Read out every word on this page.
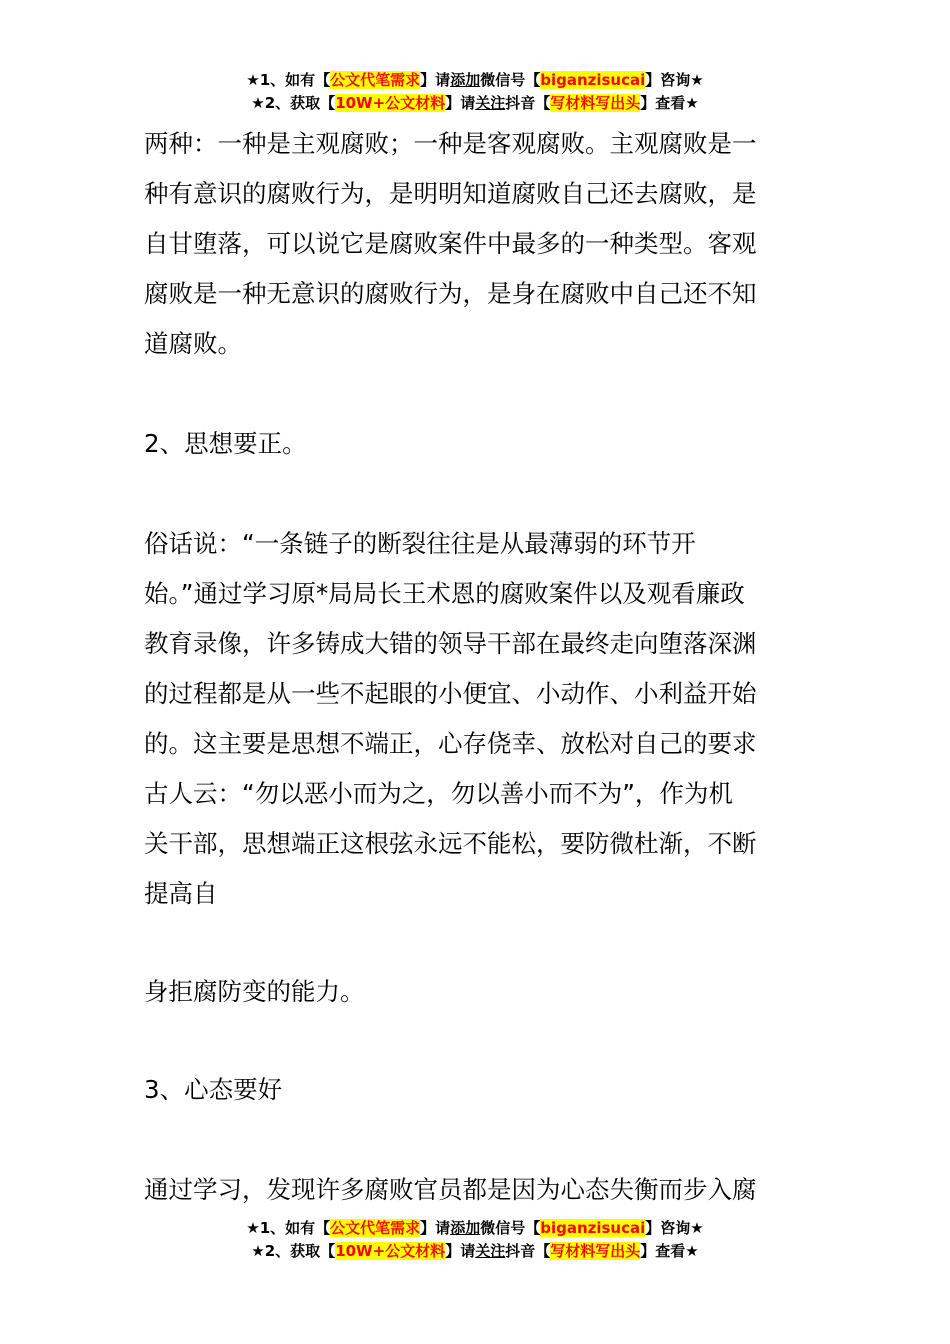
★1、如有【公文代笔需求】请添加微信号【biganzisucai】咨询★
★2、获取【10W+公文材料】请关注抖音【写材料写出头】查看★
两种：一种是主观腐败；一种是客观腐败。主观腐败是一
种有意识的腐败行为，是明明知道腐败自己还去腐败，是
自甘堕落，可以说它是腐败案件中最多的一种类型。客观
腐败是一种无意识的腐败行为，是身在腐败中自己还不知
道腐败。
2、思想要正。
俗话说：“一条链子的断裂往往是从最薄弱的环节开
始。”通过学习原*局局长王术恩的腐败案件以及观看廉政
教育录像，许多铸成大错的领导干部在最终走向堕落深渊
的过程都是从一些不起眼的小便宜、小动作、小利益开始
的。这主要是思想不端正，心存侥幸、放松对自己的要求
古人云：“勿以恶小而为之，勿以善小而不为”，作为机
关干部，思想端正这根弦永远不能松，要防微杜渐，不断
提高自
身拒腐防变的能力。
3、心态要好
通过学习，发现许多腐败官员都是因为心态失衡而步入腐
★1、如有【公文代笔需求】请添加微信号【biganzisucai】咨询★
★2、获取【10W+公文材料】请关注抖音【写材料写出头】查看★
